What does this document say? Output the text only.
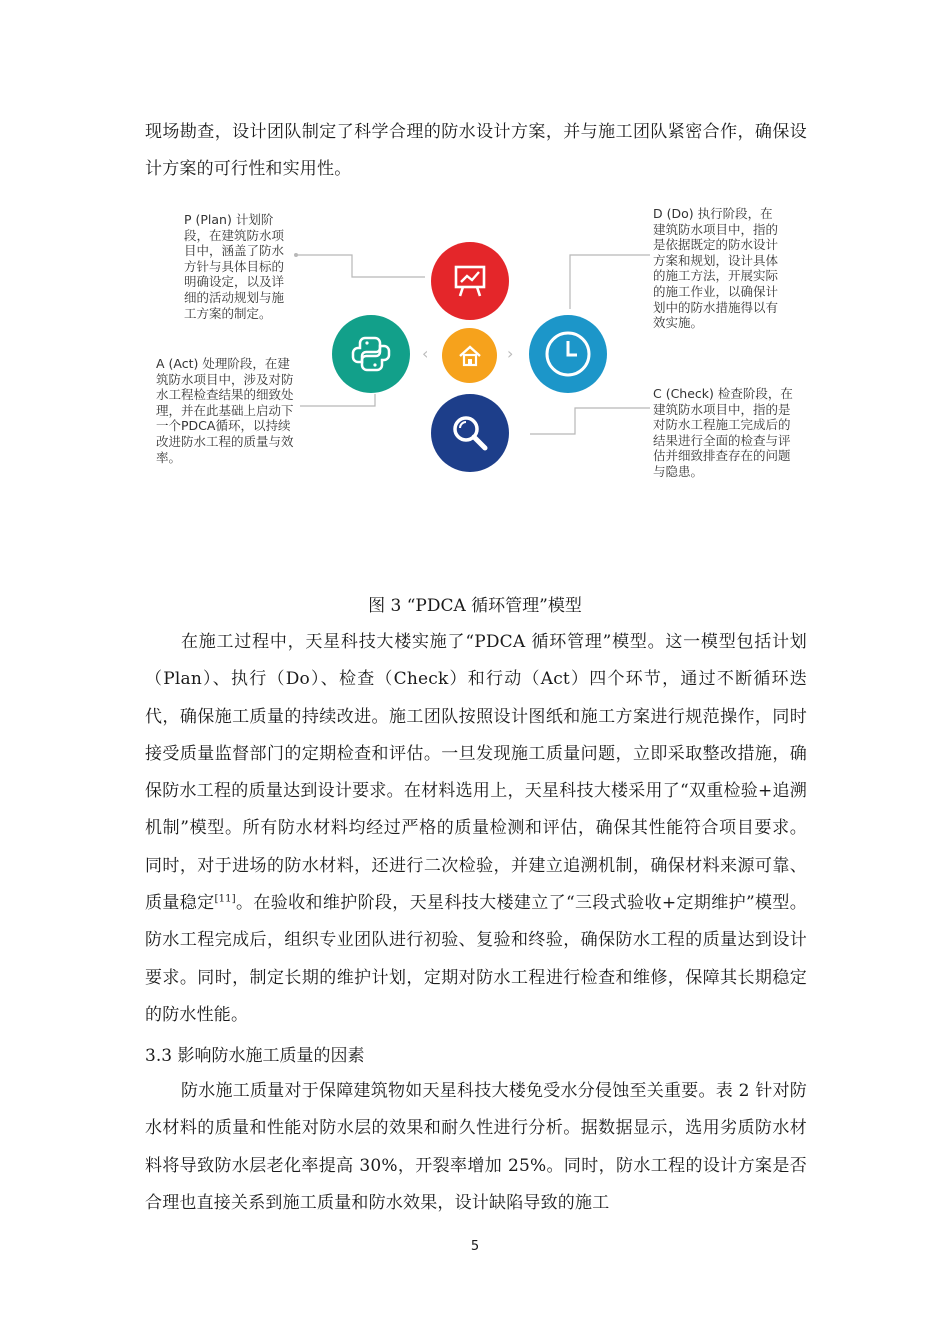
现场勘查，设计团队制定了科学合理的防水设计方案，并与施工团队紧密合作，确保设计方案的可行性和实用性。

P (Plan) 计划阶段，在建筑防水项目中，涵盖了防水方针与具体目标的明确设定，以及详细的活动规划与施工方案的制定。

A (Act) 处理阶段，在建筑防水项目中，涉及对防水工程检查结果的细致处理，并在此基础上启动下一个PDCA循环，以持续改进防水工程的质量与效率。

D (Do) 执行阶段，在建筑防水项目中，指的是依据既定的防水设计方案和规划，设计具体的施工方法，开展实际的施工作业，以确保计划中的防水措施得以有效实施。

C (Check) 检查阶段，在建筑防水项目中，指的是对防水工程施工完成后的结果进行全面的检查与评估并细致排查存在的问题与隐患。

‹	›

图 3 “PDCA 循环管理”模型

在施工过程中，天星科技大楼实施了“PDCA 循环管理”模型。这一模型包括计划（Plan）、执行（Do）、检查（Check）和行动（Act）四个环节，通过不断循环迭代，确保施工质量的持续改进。施工团队按照设计图纸和施工方案进行规范操作，同时接受质量监督部门的定期检查和评估。一旦发现施工质量问题，立即采取整改措施，确保防水工程的质量达到设计要求。在材料选用上，天星科技大楼采用了“双重检验+追溯机制”模型。所有防水材料均经过严格的质量检测和评估，确保其性能符合项目要求。同时，对于进场的防水材料，还进行二次检验，并建立追溯机制，确保材料来源可靠、质量稳定[11]。在验收和维护阶段，天星科技大楼建立了“三段式验收+定期维护”模型。防水工程完成后，组织专业团队进行初验、复验和终验，确保防水工程的质量达到设计要求。同时，制定长期的维护计划，定期对防水工程进行检查和维修，保障其长期稳定的防水性能。

3.3 影响防水施工质量的因素

防水施工质量对于保障建筑物如天星科技大楼免受水分侵蚀至关重要。表 2 针对防水材料的质量和性能对防水层的效果和耐久性进行分析。据数据显示，选用劣质防水材料将导致防水层老化率提高 30%，开裂率增加 25%。同时，防水工程的设计方案是否合理也直接关系到施工质量和防水效果，设计缺陷导致的施工

5
